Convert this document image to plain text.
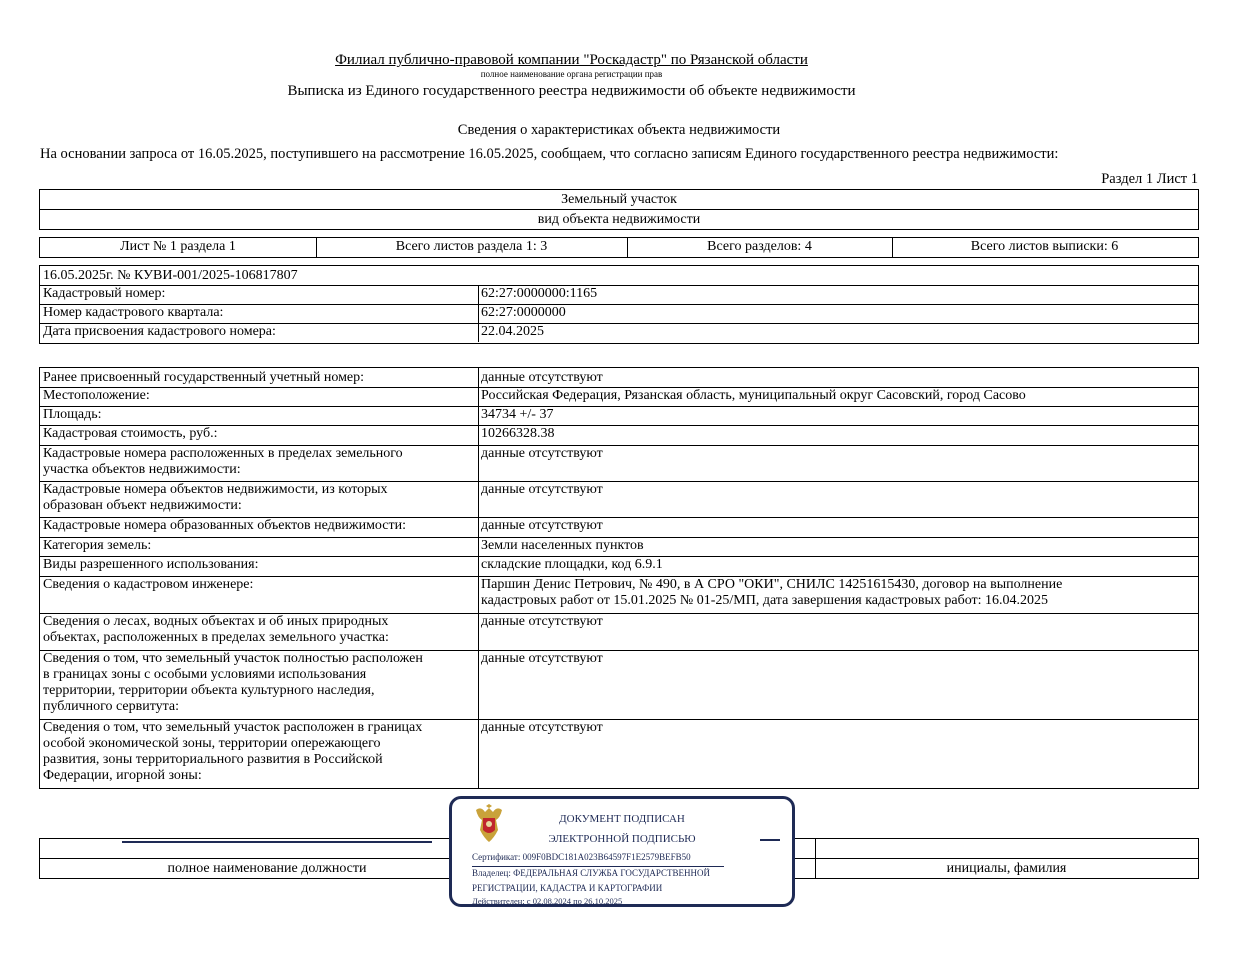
Филиал публично-правовой компании "Роскадастр" по Рязанской области
полное наименование органа регистрации прав
Выписка из Единого государственного реестра недвижимости об объекте недвижимости
Сведения о характеристиках объекта недвижимости
На основании запроса от 16.05.2025, поступившего на рассмотрение 16.05.2025, сообщаем, что согласно записям Единого государственного реестра недвижимости:
Раздел 1 Лист 1
Земельный участок
вид объекта недвижимости
Лист № 1 раздела 1	Всего листов раздела 1: 3	Всего разделов: 4	Всего листов выписки: 6
16.05.2025г. № КУВИ-001/2025-106817807
Кадастровый номер:	62:27:0000000:1165
Номер кадастрового квартала:	62:27:0000000
Дата присвоения кадастрового номера:	22.04.2025
Ранее присвоенный государственный учетный номер:	данные отсутствуют
Местоположение:	Российская Федерация, Рязанская область, муниципальный округ Сасовский, город Сасово
Площадь:	34734 +/- 37
Кадастровая стоимость, руб.:	10266328.38
Кадастровые номера расположенных в пределах земельного
участка объектов недвижимости:
данные отсутствуют
Кадастровые номера объектов недвижимости, из которых
образован объект недвижимости:
данные отсутствуют
Кадастровые номера образованных объектов недвижимости:	данные отсутствуют
Категория земель:	Земли населенных пунктов
Виды разрешенного использования:	складские площадки, код 6.9.1
Сведения о кадастровом инженере:	Паршин Денис Петрович, № 490, в А СРО "ОКИ", СНИЛС 14251615430, договор на выполнение
кадастровых работ от 15.01.2025 № 01-25/МП, дата завершения кадастровых работ: 16.04.2025
Сведения о лесах, водных объектах и об иных природных
объектах, расположенных в пределах земельного участка:
данные отсутствуют
Сведения о том, что земельный участок полностью расположен
в границах зоны с особыми условиями использования
территории, территории объекта культурного наследия,
публичного сервитута:
данные отсутствуют
Сведения о том, что земельный участок расположен в границах
особой экономической зоны, территории опережающего
развития, зоны территориального развития в Российской
Федерации, игорной зоны:
данные отсутствуют
полное наименование должности	инициалы, фамилия
ДОКУМЕНТ ПОДПИСАН
ЭЛЕКТРОННОЙ ПОДПИСЬЮ
Сертификат: 009F0BDC181A023B64597F1E2579BEFB50
Владелец: ФЕДЕРАЛЬНАЯ СЛУЖБА ГОСУДАРСТВЕННОЙ
РЕГИСТРАЦИИ, КАДАСТРА И КАРТОГРАФИИ
Действителен: с 02.08.2024 по 26.10.2025
